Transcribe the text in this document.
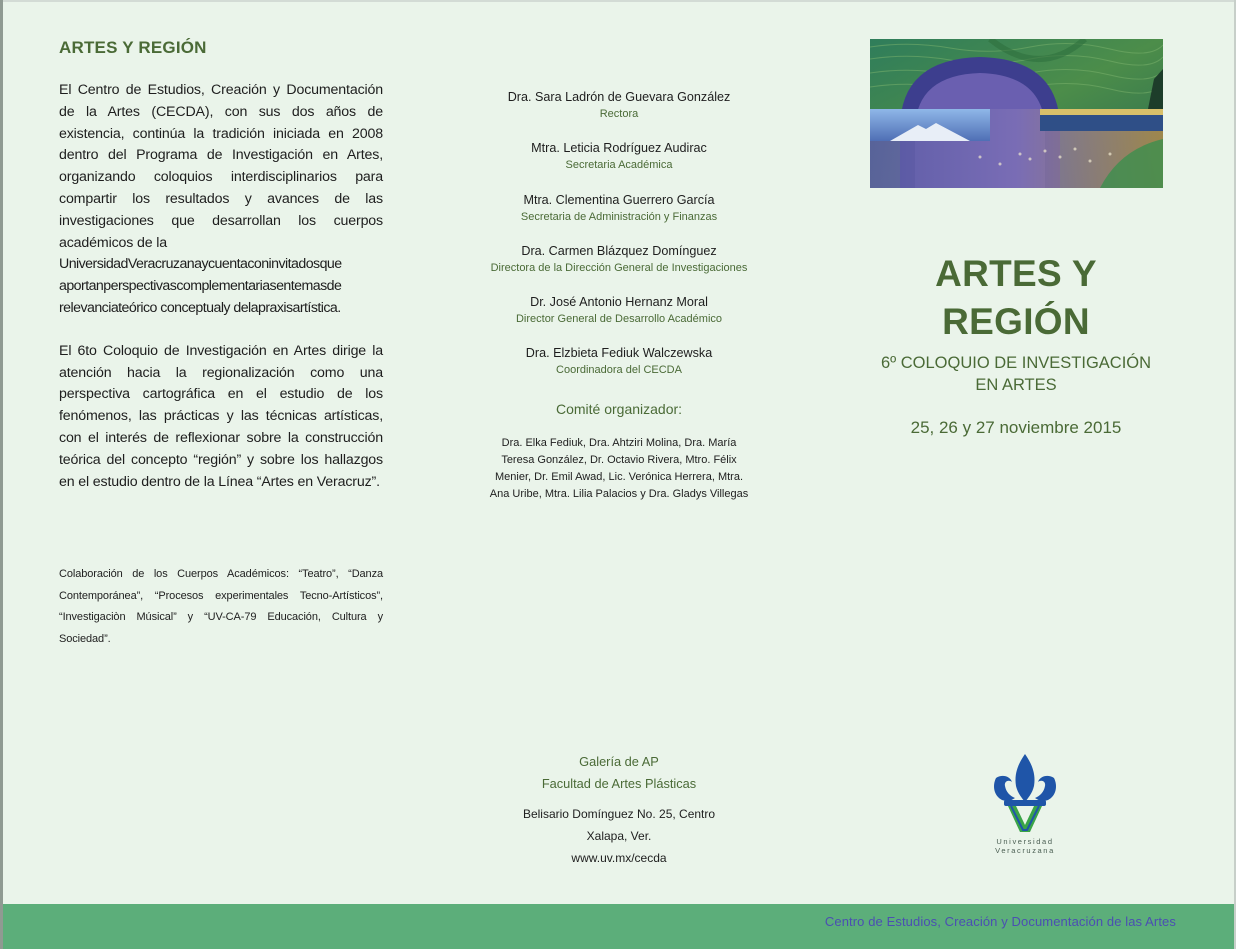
ARTES Y REGIÓN

El Centro de Estudios, Creación y Documentación de la Artes (CECDA), con sus dos años de existencia, continúa la tradición iniciada en 2008 dentro del Programa de Investigación en Artes, organizando coloquios interdisciplinarios para compartir los resultados y avances de las investigaciones que desarrollan los cuerpos académicos de la

UniversidadVeracruzanaycuentaconinvitadosque aportanperspectivascomplementariasentemasde relevanciateórico conceptualy delapraxisartística.

El 6to Coloquio de Investigación en Artes dirige la atención hacia la regionalización como una perspectiva cartográfica en el estudio de los fenómenos, las prácticas y las técnicas artísticas, con el interés de reflexionar sobre la construcción teórica del concepto “región” y sobre los hallazgos en el estudio dentro de la Línea “Artes en Veracruz”.

Colaboración de los Cuerpos Académicos: “Teatro”, “Danza Contemporánea”, “Procesos experimentales Tecno-Artísticos”, “Investigaciòn Músical” y “UV-CA-79 Educación, Cultura y Sociedad”.
Dra. Sara Ladrón de Guevara González
Rectora
Mtra. Leticia Rodríguez Audirac
Secretaria Académica
Mtra. Clementina Guerrero García
Secretaria de Administración y Finanzas
Dra. Carmen Blázquez Domínguez
Directora de la Dirección General de Investigaciones
Dr. José Antonio Hernanz Moral
Director General de Desarrollo Académico
Dra. Elzbieta Fediuk Walczewska
Coordinadora del CECDA
Comité organizador:
Dra. Elka Fediuk, Dra. Ahtziri Molina, Dra. María Teresa González, Dr. Octavio Rivera, Mtro. Félix Menier, Dr. Emil Awad, Lic. Verónica Herrera, Mtra. Ana Uribe, Mtra. Lilia Palacios y Dra. Gladys Villegas
Galería de AP
Facultad de Artes Plásticas
Belisario Domínguez No. 25, Centro
Xalapa, Ver.
www.uv.mx/cecda
ARTES Y REGIÓN
6º COLOQUIO DE INVESTIGACIÓN
EN ARTES
25, 26 y 27 noviembre 2015
Universidad Veracruzana
Centro de Estudios, Creación y Documentación de las Artes
